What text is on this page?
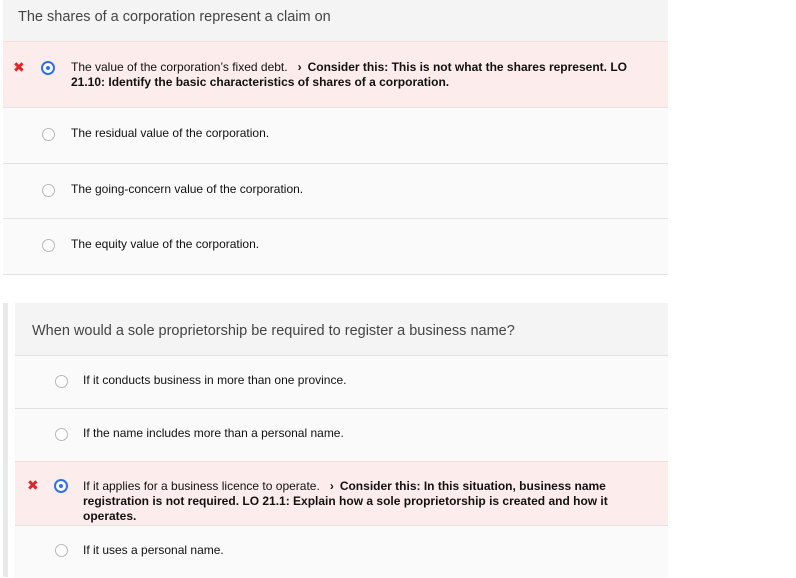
The shares of a corporation represent a claim on
✖	The value of the corporation’s fixed debt. › Consider this: This is not what the shares represent. LO 21.10: Identify the basic characteristics of shares of a corporation.
The residual value of the corporation.
The going-concern value of the corporation.
The equity value of the corporation.
When would a sole proprietorship be required to register a business name?
If it conducts business in more than one province.
If the name includes more than a personal name.
✖	If it applies for a business licence to operate. › Consider this: In this situation, business name registration is not required. LO 21.1: Explain how a sole proprietorship is created and how it operates.
If it uses a personal name.
